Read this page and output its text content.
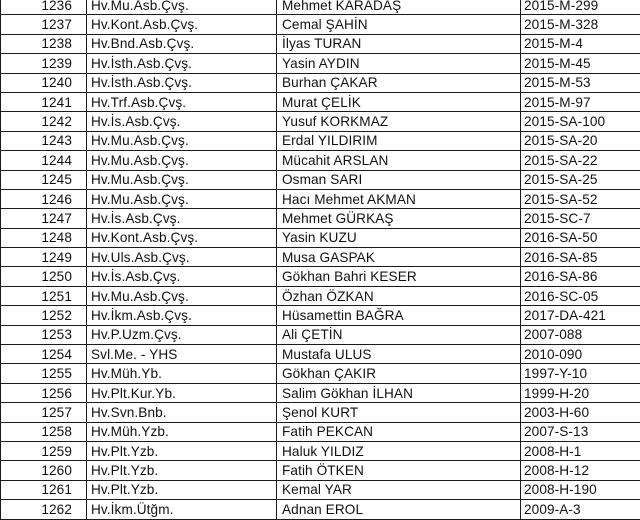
1236	Hv.Mu.Asb.Çvş.	Mehmet KARADAŞ	2015-M-299
1237	Hv.Kont.Asb.Çvş.	Cemal ŞAHİN	2015-M-328
1238	Hv.Bnd.Asb.Çvş.	İlyas TURAN	2015-M-4
1239	Hv.İsth.Asb.Çvş.	Yasin AYDIN	2015-M-45
1240	Hv.İsth.Asb.Çvş.	Burhan ÇAKAR	2015-M-53
1241	Hv.Trf.Asb.Çvş.	Murat ÇELİK	2015-M-97
1242	Hv.İs.Asb.Çvş.	Yusuf KORKMAZ	2015-SA-100
1243	Hv.Mu.Asb.Çvş.	Erdal YILDIRIM	2015-SA-20
1244	Hv.Mu.Asb.Çvş.	Mücahit ARSLAN	2015-SA-22
1245	Hv.Mu.Asb.Çvş.	Osman SARI	2015-SA-25
1246	Hv.Mu.Asb.Çvş.	Hacı Mehmet AKMAN	2015-SA-52
1247	Hv.İs.Asb.Çvş.	Mehmet GÜRKAŞ	2015-SC-7
1248	Hv.Kont.Asb.Çvş.	Yasin KUZU	2016-SA-50
1249	Hv.Uls.Asb.Çvş.	Musa GASPAK	2016-SA-85
1250	Hv.İs.Asb.Çvş.	Gökhan Bahri KESER	2016-SA-86
1251	Hv.Mu.Asb.Çvş.	Özhan ÖZKAN	2016-SC-05
1252	Hv.İkm.Asb.Çvş.	Hüsamettin BAĞRA	2017-DA-421
1253	Hv.P.Uzm.Çvş.	Ali ÇETİN	2007-088
1254	Svl.Me. - YHS	Mustafa ULUS	2010-090
1255	Hv.Müh.Yb.	Gökhan ÇAKIR	1997-Y-10
1256	Hv.Plt.Kur.Yb.	Salim Gökhan İLHAN	1999-H-20
1257	Hv.Svn.Bnb.	Şenol KURT	2003-H-60
1258	Hv.Müh.Yzb.	Fatih PEKCAN	2007-S-13
1259	Hv.Plt.Yzb.	Haluk YILDIZ	2008-H-1
1260	Hv.Plt.Yzb.	Fatih ÖTKEN	2008-H-12
1261	Hv.Plt.Yzb.	Kemal YAR	2008-H-190
1262	Hv.İkm.Ütğm.	Adnan EROL	2009-A-3
